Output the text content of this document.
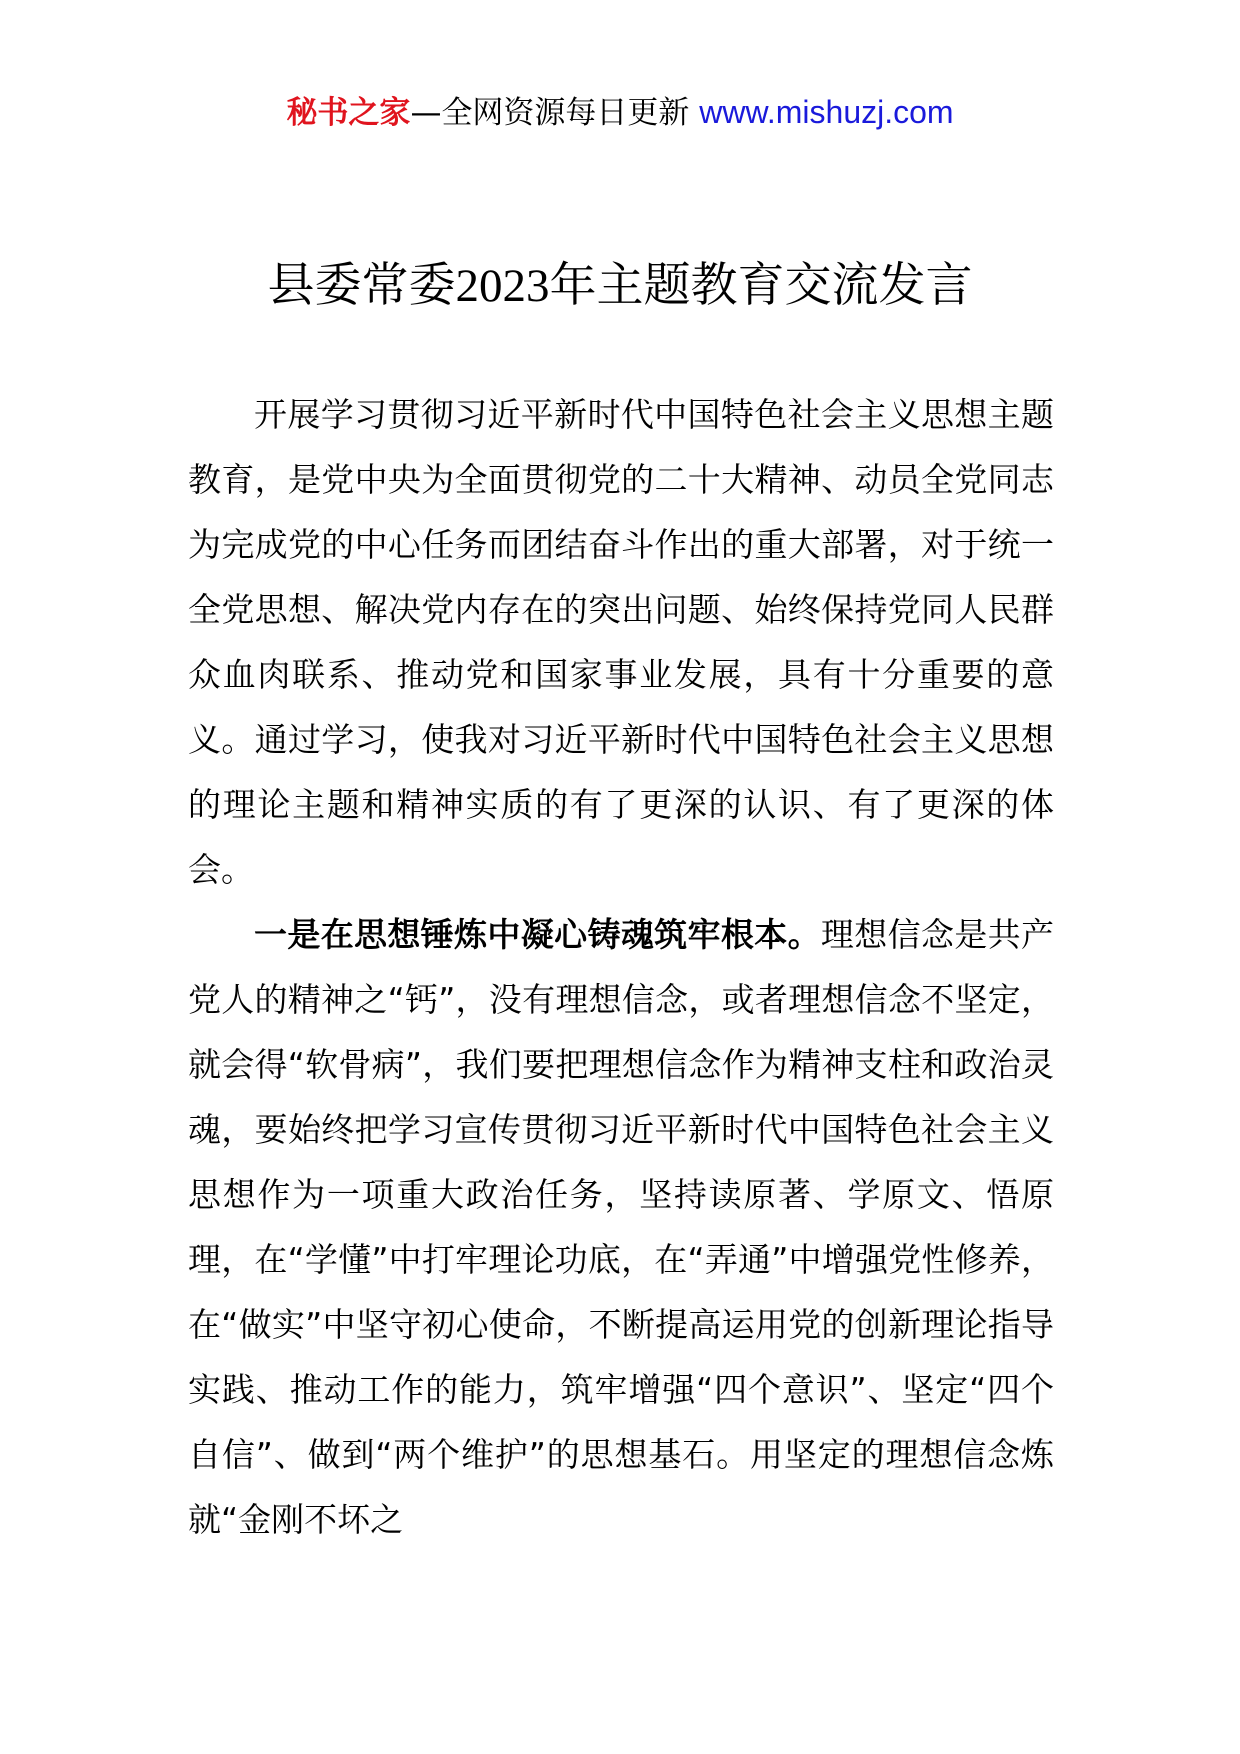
秘书之家—全网资源每日更新 www.mishuzj.com
县委常委2023年主题教育交流发言

开展学习贯彻习近平新时代中国特色社会主义思想主题教育，是党中央为全面贯彻党的二十大精神、动员全党同志为完成党的中心任务而团结奋斗作出的重大部署，对于统一全党思想、解决党内存在的突出问题、始终保持党同人民群众血肉联系、推动党和国家事业发展，具有十分重要的意义。通过学习，使我对习近平新时代中国特色社会主义思想的理论主题和精神实质的有了更深的认识、有了更深的体会。

一是在思想锤炼中凝心铸魂筑牢根本。理想信念是共产党人的精神之“钙”，没有理想信念，或者理想信念不坚定，就会得“软骨病”，我们要把理想信念作为精神支柱和政治灵魂，要始终把学习宣传贯彻习近平新时代中国特色社会主义思想作为一项重大政治任务，坚持读原著、学原文、悟原理，在“学懂”中打牢理论功底，在“弄通”中增强党性修养，在“做实”中坚守初心使命，不断提高运用党的创新理论指导实践、推动工作的能力，筑牢增强“四个意识”、坚定“四个自信”、做到“两个维护”的思想基石。用坚定的理想信念炼就“金刚不坏之
